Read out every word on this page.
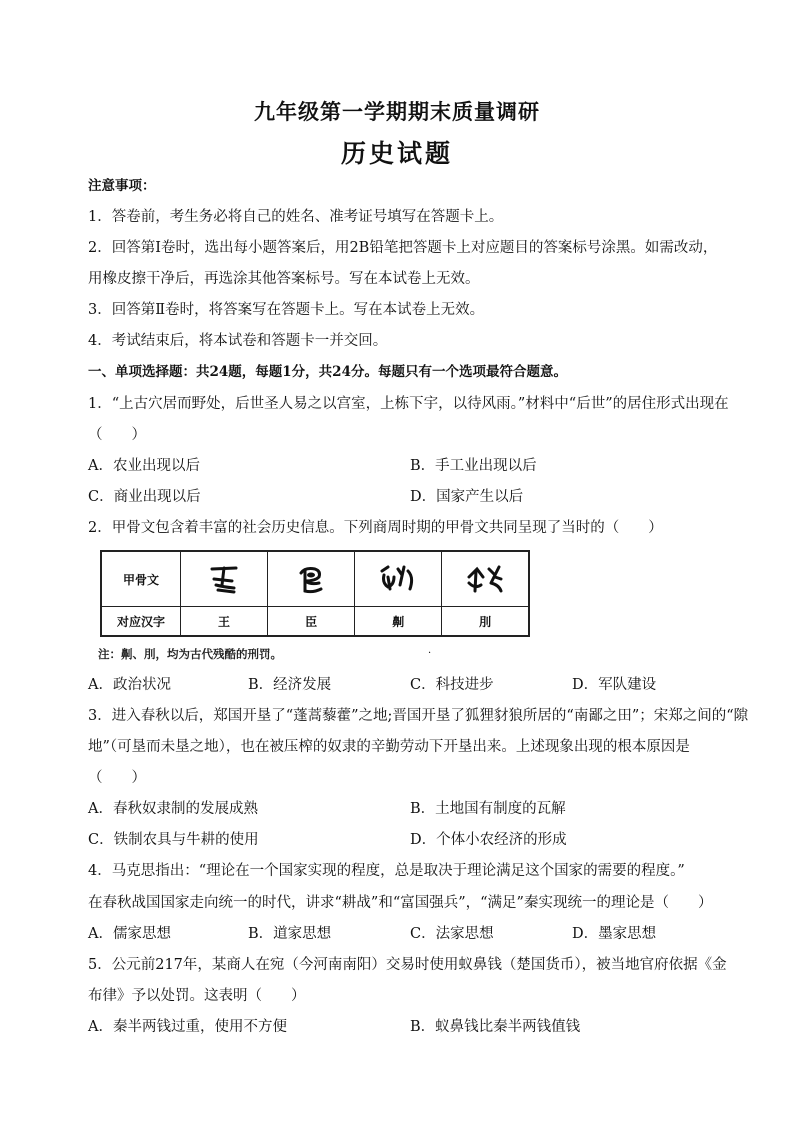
九年级第一学期期末质量调研
历史试题
注意事项：
1．答卷前，考生务必将自己的姓名、准考证号填写在答题卡上。
2．回答第Ⅰ卷时，选出每小题答案后，用2B铅笔把答题卡上对应题目的答案标号涂黑。如需改动，
用橡皮擦干净后，再选涂其他答案标号。写在本试卷上无效。
3．回答第Ⅱ卷时，将答案写在答题卡上。写在本试卷上无效。
4．考试结束后，将本试卷和答题卡一并交回。
一、单项选择题：共24题，每题1分，共24分。每题只有一个选项最符合题意。
1．“上古穴居而野处，后世圣人易之以宫室，上栋下宇，以待风雨。”材料中“后世”的居住形式出现在
（　　）
A．农业出现以后	B．手工业出现以后
C．商业出现以后	D．国家产生以后
2．甲骨文包含着丰富的社会历史信息。下列商周时期的甲骨文共同呈现了当时的（　　）
甲骨文	

对应汉字	王	臣	劓	刖
注：劓、刖，均为古代残酷的刑罚。	·
A．政治状况	B．经济发展	C．科技进步	D．军队建设
3．进入春秋以后，郑国开垦了“蓬蒿藜藿”之地;晋国开垦了狐狸豺狼所居的“南鄙之田”；宋郑之间的“隙
地”（可垦而未垦之地），也在被压榨的奴隶的辛勤劳动下开垦出来。上述现象出现的根本原因是
（　　）
A．春秋奴隶制的发展成熟	B．土地国有制度的瓦解
C．铁制农具与牛耕的使用	D．个体小农经济的形成
4．马克思指出：“理论在一个国家实现的程度，总是取决于理论满足这个国家的需要的程度。”
在春秋战国国家走向统一的时代，讲求“耕战”和“富国强兵”，“满足”秦实现统一的理论是（　　）
A．儒家思想	B．道家思想	C．法家思想	D．墨家思想
5．公元前217年，某商人在宛（今河南南阳）交易时使用蚁鼻钱（楚国货币），被当地官府依据《金
布律》予以处罚。这表明（　　）
A．秦半两钱过重，使用不方便	B．蚁鼻钱比秦半两钱值钱
